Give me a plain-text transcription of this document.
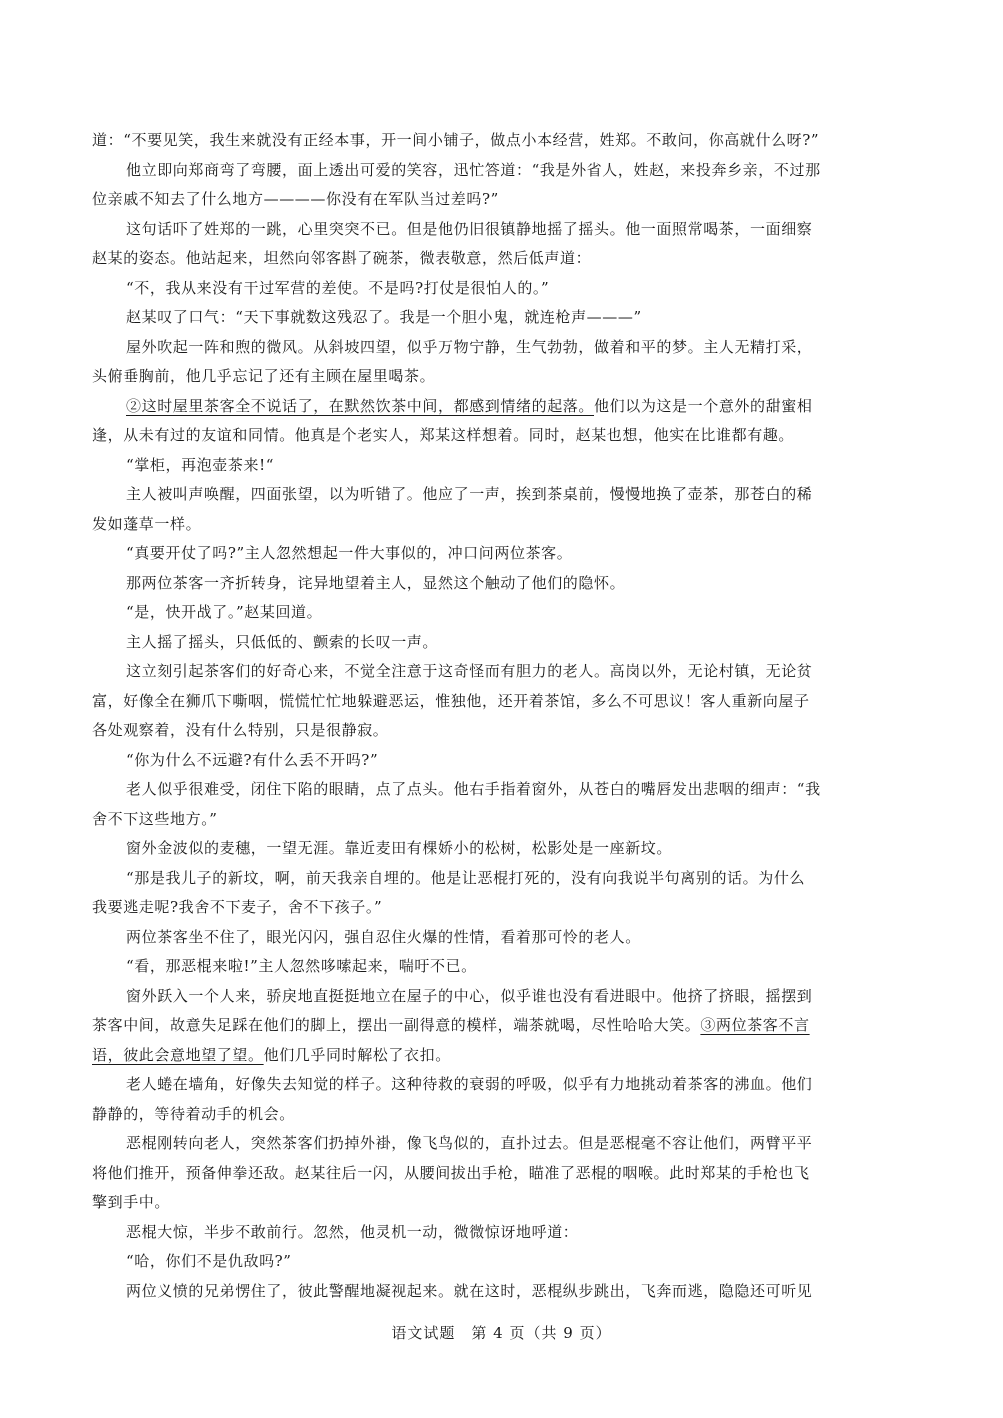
道：“不要见笑，我生来就没有正经本事，开一间小铺子，做点小本经营，姓郑。不敢问，你高就什么呀?”
他立即向郑商弯了弯腰，面上透出可爱的笑容，迅忙答道：“我是外省人，姓赵，来投奔乡亲，不过那
位亲戚不知去了什么地方————你没有在军队当过差吗?”
这句话吓了姓郑的一跳，心里突突不已。但是他仍旧很镇静地摇了摇头。他一面照常喝茶，一面细察
赵某的姿态。他站起来，坦然向邻客斟了碗茶，微表敬意，然后低声道：
“不，我从来没有干过军营的差使。不是吗?打仗是很怕人的。”
赵某叹了口气：“天下事就数这残忍了。我是一个胆小鬼，就连枪声———”
屋外吹起一阵和煦的微风。从斜坡四望，似乎万物宁静，生气勃勃，做着和平的梦。主人无精打采，
头俯垂胸前，他几乎忘记了还有主顾在屋里喝茶。
②这时屋里茶客全不说话了，在默然饮茶中间，都感到情绪的起落。他们以为这是一个意外的甜蜜相
逢，从未有过的友谊和同情。他真是个老实人，郑某这样想着。同时，赵某也想，他实在比谁都有趣。
“掌柜，再泡壶茶来!“
主人被叫声唤醒，四面张望，以为听错了。他应了一声，挨到茶桌前，慢慢地换了壶茶，那苍白的稀
发如蓬草一样。
“真要开仗了吗?”主人忽然想起一件大事似的，冲口问两位茶客。
那两位茶客一齐折转身，诧异地望着主人，显然这个触动了他们的隐怀。
“是，快开战了。”赵某回道。
主人摇了摇头，只低低的、颤索的长叹一声。
这立刻引起茶客们的好奇心来，不觉全注意于这奇怪而有胆力的老人。高岗以外，无论村镇，无论贫
富，好像全在狮爪下嘶咽，慌慌忙忙地躲避恶运，惟独他，还开着茶馆，多么不可思议！客人重新向屋子
各处观察着，没有什么特别，只是很静寂。
“你为什么不远避?有什么丢不开吗?”
老人似乎很难受，闭住下陷的眼睛，点了点头。他右手指着窗外，从苍白的嘴唇发出悲咽的细声：“我
舍不下这些地方。”
窗外金波似的麦穗，一望无涯。靠近麦田有棵娇小的松树，松影处是一座新坟。
“那是我儿子的新坟，啊，前天我亲自埋的。他是让恶棍打死的，没有向我说半句离别的话。为什么
我要逃走呢?我舍不下麦子，舍不下孩子。”
两位茶客坐不住了，眼光闪闪，强自忍住火爆的性情，看着那可怜的老人。
“看，那恶棍来啦!”主人忽然哆嗦起来，喘吁不已。
窗外跃入一个人来，骄戾地直挺挺地立在屋子的中心，似乎谁也没有看进眼中。他挤了挤眼，摇摆到
茶客中间，故意失足踩在他们的脚上，摆出一副得意的模样，端茶就喝，尽性哈哈大笑。③两位茶客不言
语，彼此会意地望了望。他们几乎同时解松了衣扣。
老人蜷在墙角，好像失去知觉的样子。这种待救的衰弱的呼吸，似乎有力地挑动着茶客的沸血。他们
静静的，等待着动手的机会。
恶棍刚转向老人，突然茶客们扔掉外褂，像飞鸟似的，直扑过去。但是恶棍毫不容让他们，两臂平平
将他们推开，预备伸拳还敌。赵某往后一闪，从腰间拔出手枪，瞄准了恶棍的咽喉。此时郑某的手枪也飞
擎到手中。
恶棍大惊，半步不敢前行。忽然，他灵机一动，微微惊讶地呼道：
“哈，你们不是仇敌吗?”
两位义愤的兄弟愣住了，彼此警醒地凝视起来。就在这时，恶棍纵步跳出，飞奔而逃，隐隐还可听见
语文试题　第 4 页（共 9 页）
